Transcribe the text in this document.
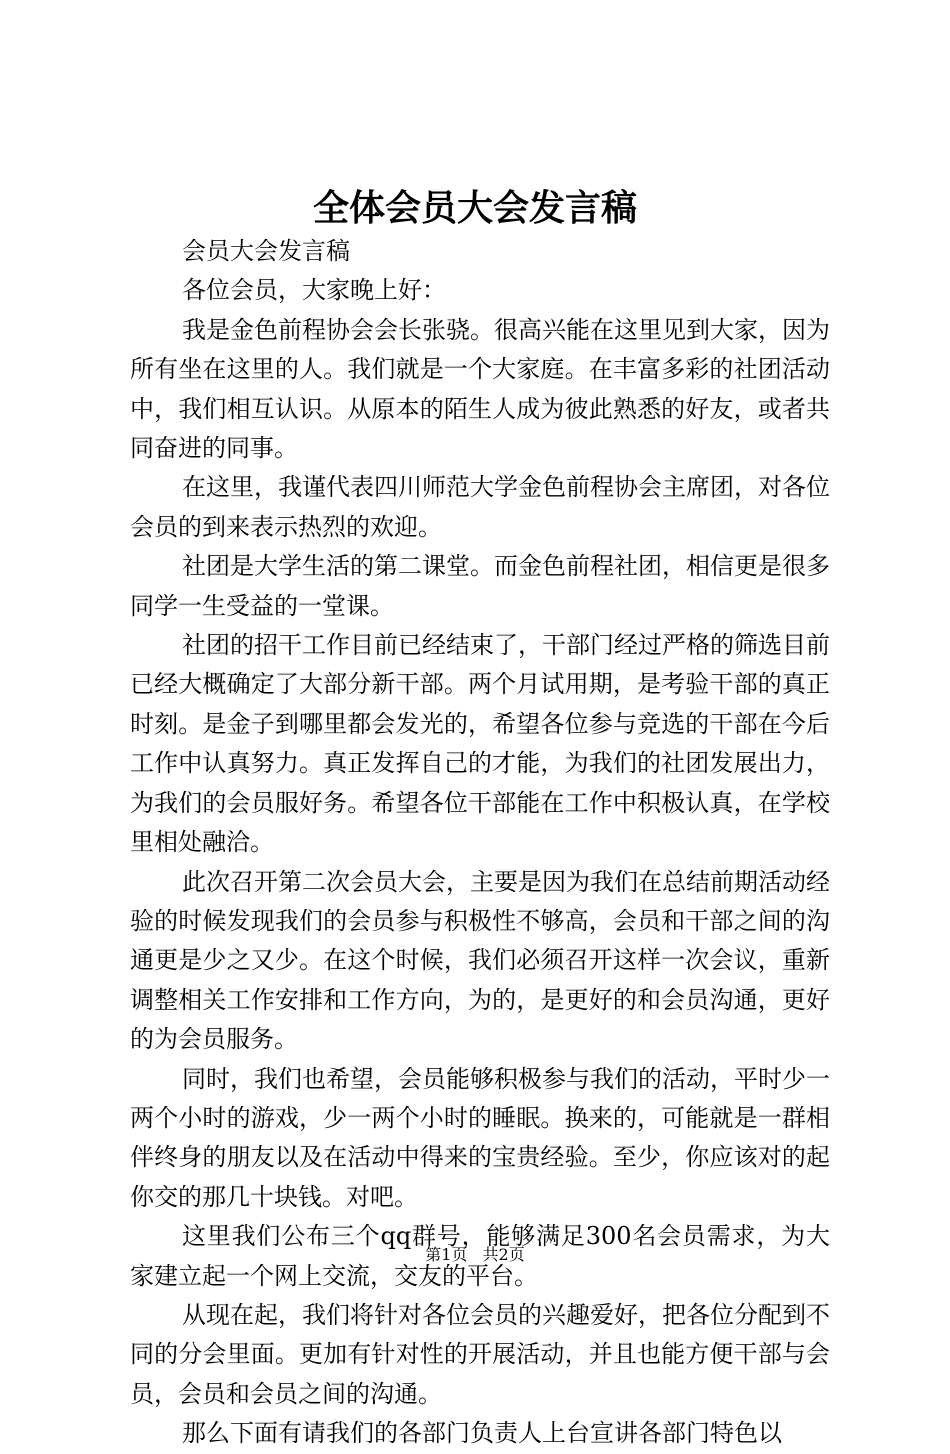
全体会员大会发言稿

会员大会发言稿

各位会员，大家晚上好：

我是金色前程协会会长张骁。很高兴能在这里见到大家，因为所有坐在这里的人。我们就是一个大家庭。在丰富多彩的社团活动中，我们相互认识。从原本的陌生人成为彼此熟悉的好友，或者共同奋进的同事。

在这里，我谨代表四川师范大学金色前程协会主席团，对各位会员的到来表示热烈的欢迎。

社团是大学生活的第二课堂。而金色前程社团，相信更是很多同学一生受益的一堂课。

社团的招干工作目前已经结束了，干部门经过严格的筛选目前已经大概确定了大部分新干部。两个月试用期，是考验干部的真正时刻。是金子到哪里都会发光的，希望各位参与竞选的干部在今后工作中认真努力。真正发挥自己的才能，为我们的社团发展出力，为我们的会员服好务。希望各位干部能在工作中积极认真，在学校里相处融洽。

此次召开第二次会员大会，主要是因为我们在总结前期活动经验的时候发现我们的会员参与积极性不够高，会员和干部之间的沟通更是少之又少。在这个时候，我们必须召开这样一次会议，重新调整相关工作安排和工作方向，为的，是更好的和会员沟通，更好的为会员服务。

同时，我们也希望，会员能够积极参与我们的活动，平时少一两个小时的游戏，少一两个小时的睡眠。换来的，可能就是一群相伴终身的朋友以及在活动中得来的宝贵经验。至少，你应该对的起你交的那几十块钱。对吧。

这里我们公布三个qq群号，能够满足300名会员需求，为大家建立起一个网上交流，交友的平台。

从现在起，我们将针对各位会员的兴趣爱好，把各位分配到不同的分会里面。更加有针对性的开展活动，并且也能方便干部与会员，会员和会员之间的沟通。

那么下面有请我们的各部门负责人上台宣讲各部门特色以

第1页 共2页
